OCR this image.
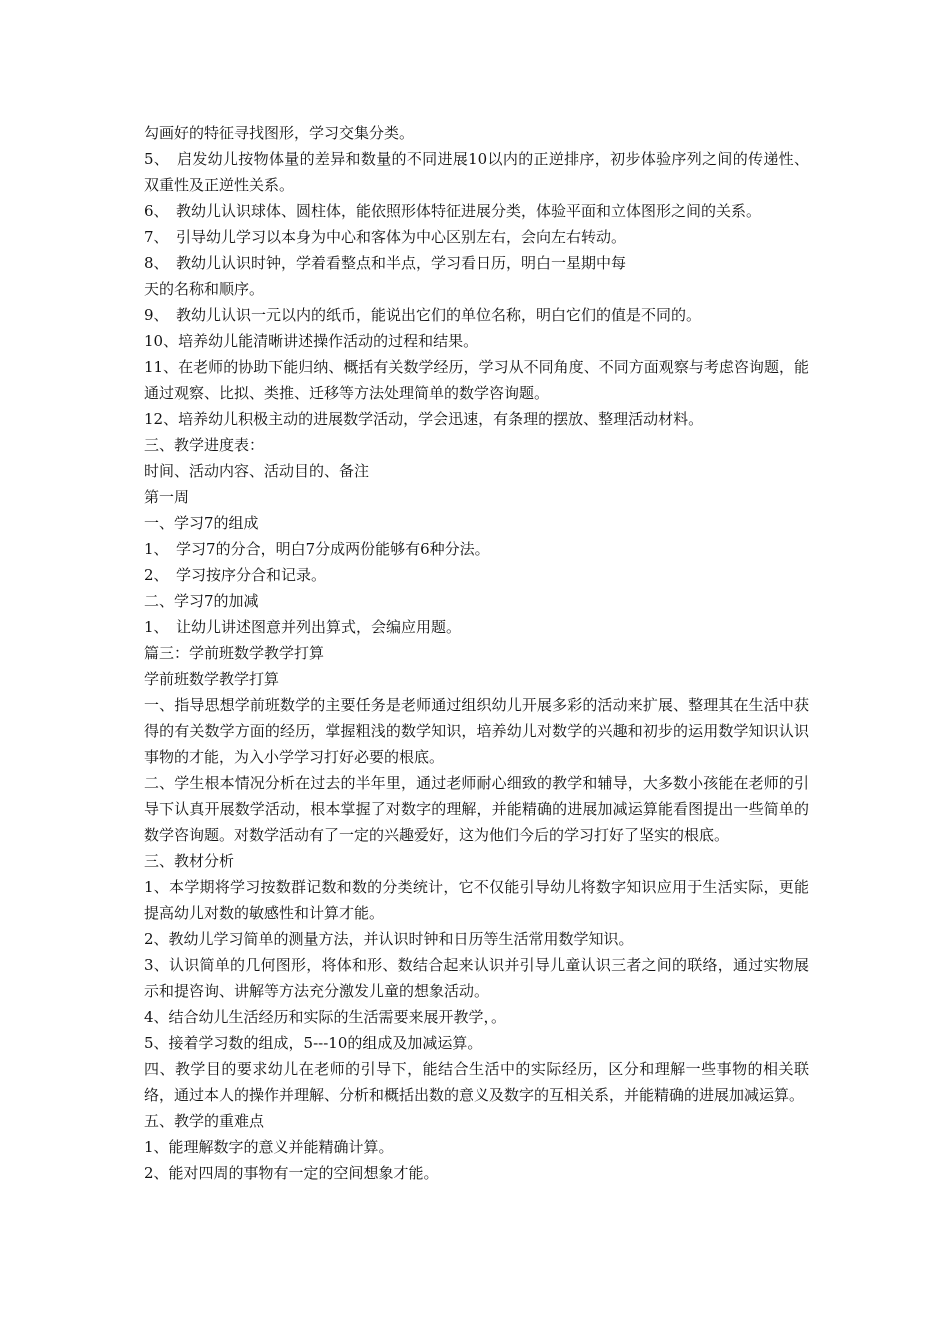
勾画好的特征寻找图形，学习交集分类。

5、　启发幼儿按物体量的差异和数量的不同进展10以内的正逆排序，初步体验序列之间的传递性、双重性及正逆性关系。

6、　教幼儿认识球体、圆柱体，能依照形体特征进展分类，体验平面和立体图形之间的关系。

7、　引导幼儿学习以本身为中心和客体为中心区别左右，会向左右转动。

8、　教幼儿认识时钟，学着看整点和半点，学习看日历，明白一星期中每

天的名称和顺序。

9、　教幼儿认识一元以内的纸币，能说出它们的单位名称，明白它们的值是不同的。

10、培养幼儿能清晰讲述操作活动的过程和结果。

11、在老师的协助下能归纳、概括有关数学经历，学习从不同角度、不同方面观察与考虑咨询题，能通过观察、比拟、类推、迁移等方法处理简单的数学咨询题。

12、培养幼儿积极主动的进展数学活动，学会迅速，有条理的摆放、整理活动材料。

三、教学进度表：

时间、活动内容、活动目的、备注

第一周

一、学习7的组成

1、　学习7的分合，明白7分成两份能够有6种分法。

2、　学习按序分合和记录。

二、学习7的加减

1、　让幼儿讲述图意并列出算式，会编应用题。

篇三：学前班数学教学打算

学前班数学教学打算

一、指导思想学前班数学的主要任务是老师通过组织幼儿开展多彩的活动来扩展、整理其在生活中获得的有关数学方面的经历，掌握粗浅的数学知识，培养幼儿对数学的兴趣和初步的运用数学知识认识事物的才能，为入小学学习打好必要的根底。

二、学生根本情况分析在过去的半年里，通过老师耐心细致的教学和辅导，大多数小孩能在老师的引导下认真开展数学活动，根本掌握了对数字的理解，并能精确的进展加减运算能看图提出一些简单的数学咨询题。对数学活动有了一定的兴趣爱好，这为他们今后的学习打好了坚实的根底。

三、教材分析

1、本学期将学习按数群记数和数的分类统计，它不仅能引导幼儿将数字知识应用于生活实际，更能提高幼儿对数的敏感性和计算才能。

2、教幼儿学习简单的测量方法，并认识时钟和日历等生活常用数学知识。

3、认识简单的几何图形，将体和形、数结合起来认识并引导儿童认识三者之间的联络，通过实物展示和提咨询、讲解等方法充分激发儿童的想象活动。

4、结合幼儿生活经历和实际的生活需要来展开教学，。

5、接着学习数的组成，5---10的组成及加减运算。

四、教学目的要求幼儿在老师的引导下，能结合生活中的实际经历，区分和理解一些事物的相关联络，通过本人的操作并理解、分析和概括出数的意义及数字的互相关系，并能精确的进展加减运算。

五、教学的重难点

1、能理解数字的意义并能精确计算。

2、能对四周的事物有一定的空间想象才能。
